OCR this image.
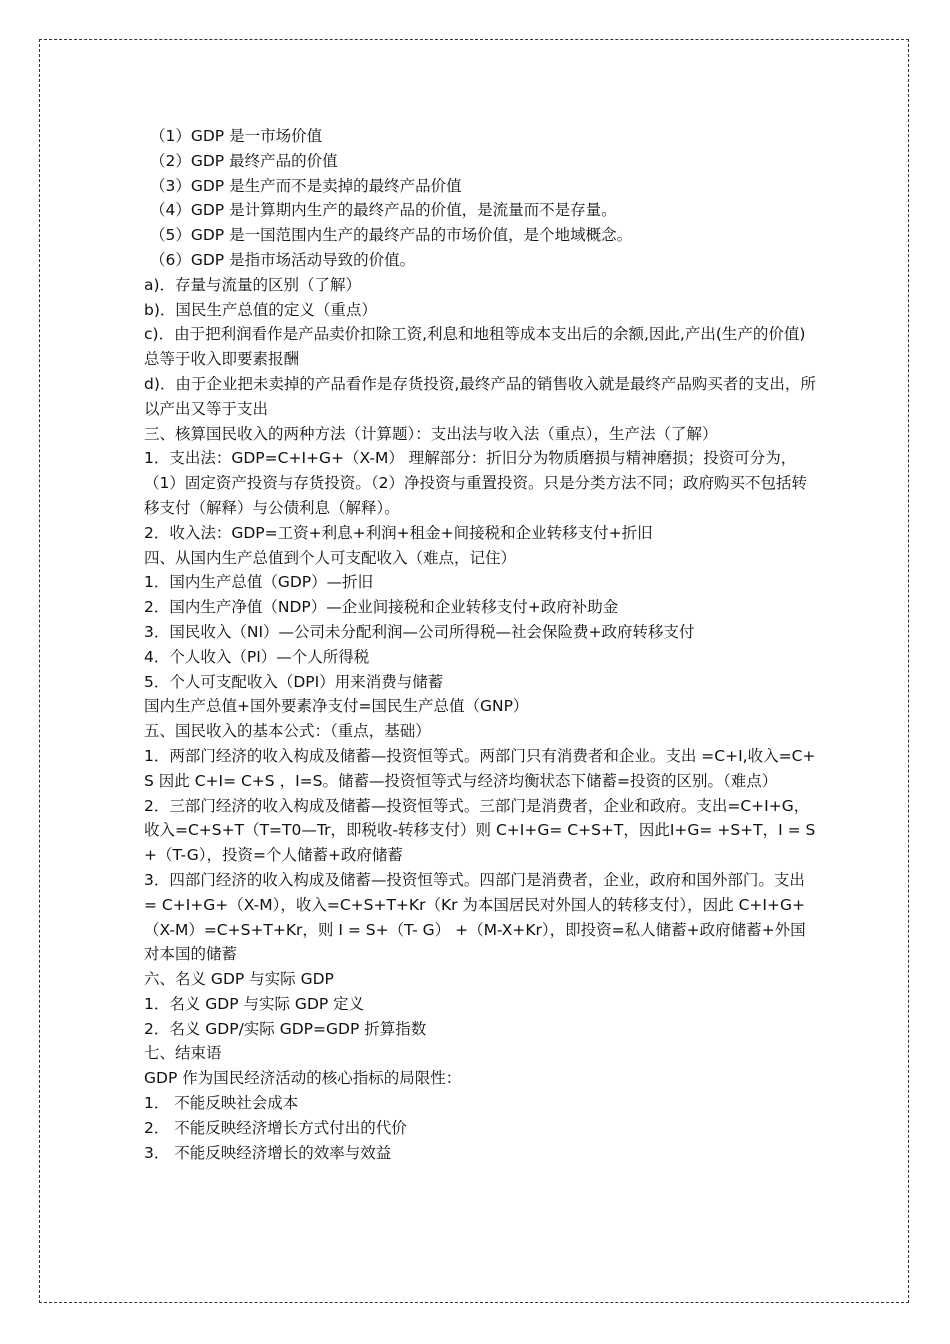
（1）GDP 是一市场价值
（2）GDP 最终产品的价值
（3）GDP 是生产而不是卖掉的最终产品价值
（4）GDP 是计算期内生产的最终产品的价值，是流量而不是存量。
（5）GDP 是一国范围内生产的最终产品的市场价值，是个地域概念。
（6）GDP 是指市场活动导致的价值。
a)．存量与流量的区别（了解）
b)．国民生产总值的定义（重点）
c)．由于把利润看作是产品卖价扣除工资,利息和地租等成本支出后的余额,因此,产出(生产的价值)总等于收入即要素报酬
d)．由于企业把未卖掉的产品看作是存货投资,最终产品的销售收入就是最终产品购买者的支出，所以产出又等于支出
三、核算国民收入的两种方法（计算题）：支出法与收入法（重点），生产法（了解）
1．支出法：GDP=C+I+G+（X-M） 理解部分：折旧分为物质磨损与精神磨损；投资可分为，
（1）固定资产投资与存货投资。（2）净投资与重置投资。只是分类方法不同；政府购买不包括转移支付（解释）与公债利息（解释）。
2．收入法：GDP=工资+利息+利润+租金+间接税和企业转移支付+折旧
四、从国内生产总值到个人可支配收入（难点，记住）
1．国内生产总值（GDP）—折旧
2．国内生产净值（NDP）—企业间接税和企业转移支付+政府补助金
3．国民收入（NI）—公司未分配利润—公司所得税—社会保险费+政府转移支付
4．个人收入（PI）—个人所得税
5．个人可支配收入（DPI）用来消费与储蓄
国内生产总值+国外要素净支付=国民生产总值（GNP）
五、国民收入的基本公式：（重点，基础）
1．两部门经济的收入构成及储蓄—投资恒等式。两部门只有消费者和企业。支出 =C+I,收入=C+S 因此 C+I= C+S ，I=S。储蓄—投资恒等式与经济均衡状态下储蓄=投资的区别。（难点）
2．三部门经济的收入构成及储蓄—投资恒等式。三部门是消费者，企业和政府。支出=C+I+G，收入=C+S+T（T=T0—Tr，即税收-转移支付）则 C+I+G= C+S+T，因此I+G= +S+T，I = S+（T-G），投资=个人储蓄+政府储蓄
3．四部门经济的收入构成及储蓄—投资恒等式。四部门是消费者，企业，政府和国外部门。支出= C+I+G+（X-M），收入=C+S+T+Kr（Kr 为本国居民对外国人的转移支付），因此 C+I+G+（X-M）=C+S+T+Kr，则 I = S+（T- G） +（M-X+Kr），即投资=私人储蓄+政府储蓄+外国对本国的储蓄
六、名义 GDP 与实际 GDP
1．名义 GDP 与实际 GDP 定义
2．名义 GDP/实际 GDP=GDP 折算指数
七、结束语
GDP 作为国民经济活动的核心指标的局限性：
1． 不能反映社会成本
2． 不能反映经济增长方式付出的代价
3． 不能反映经济增长的效率与效益
